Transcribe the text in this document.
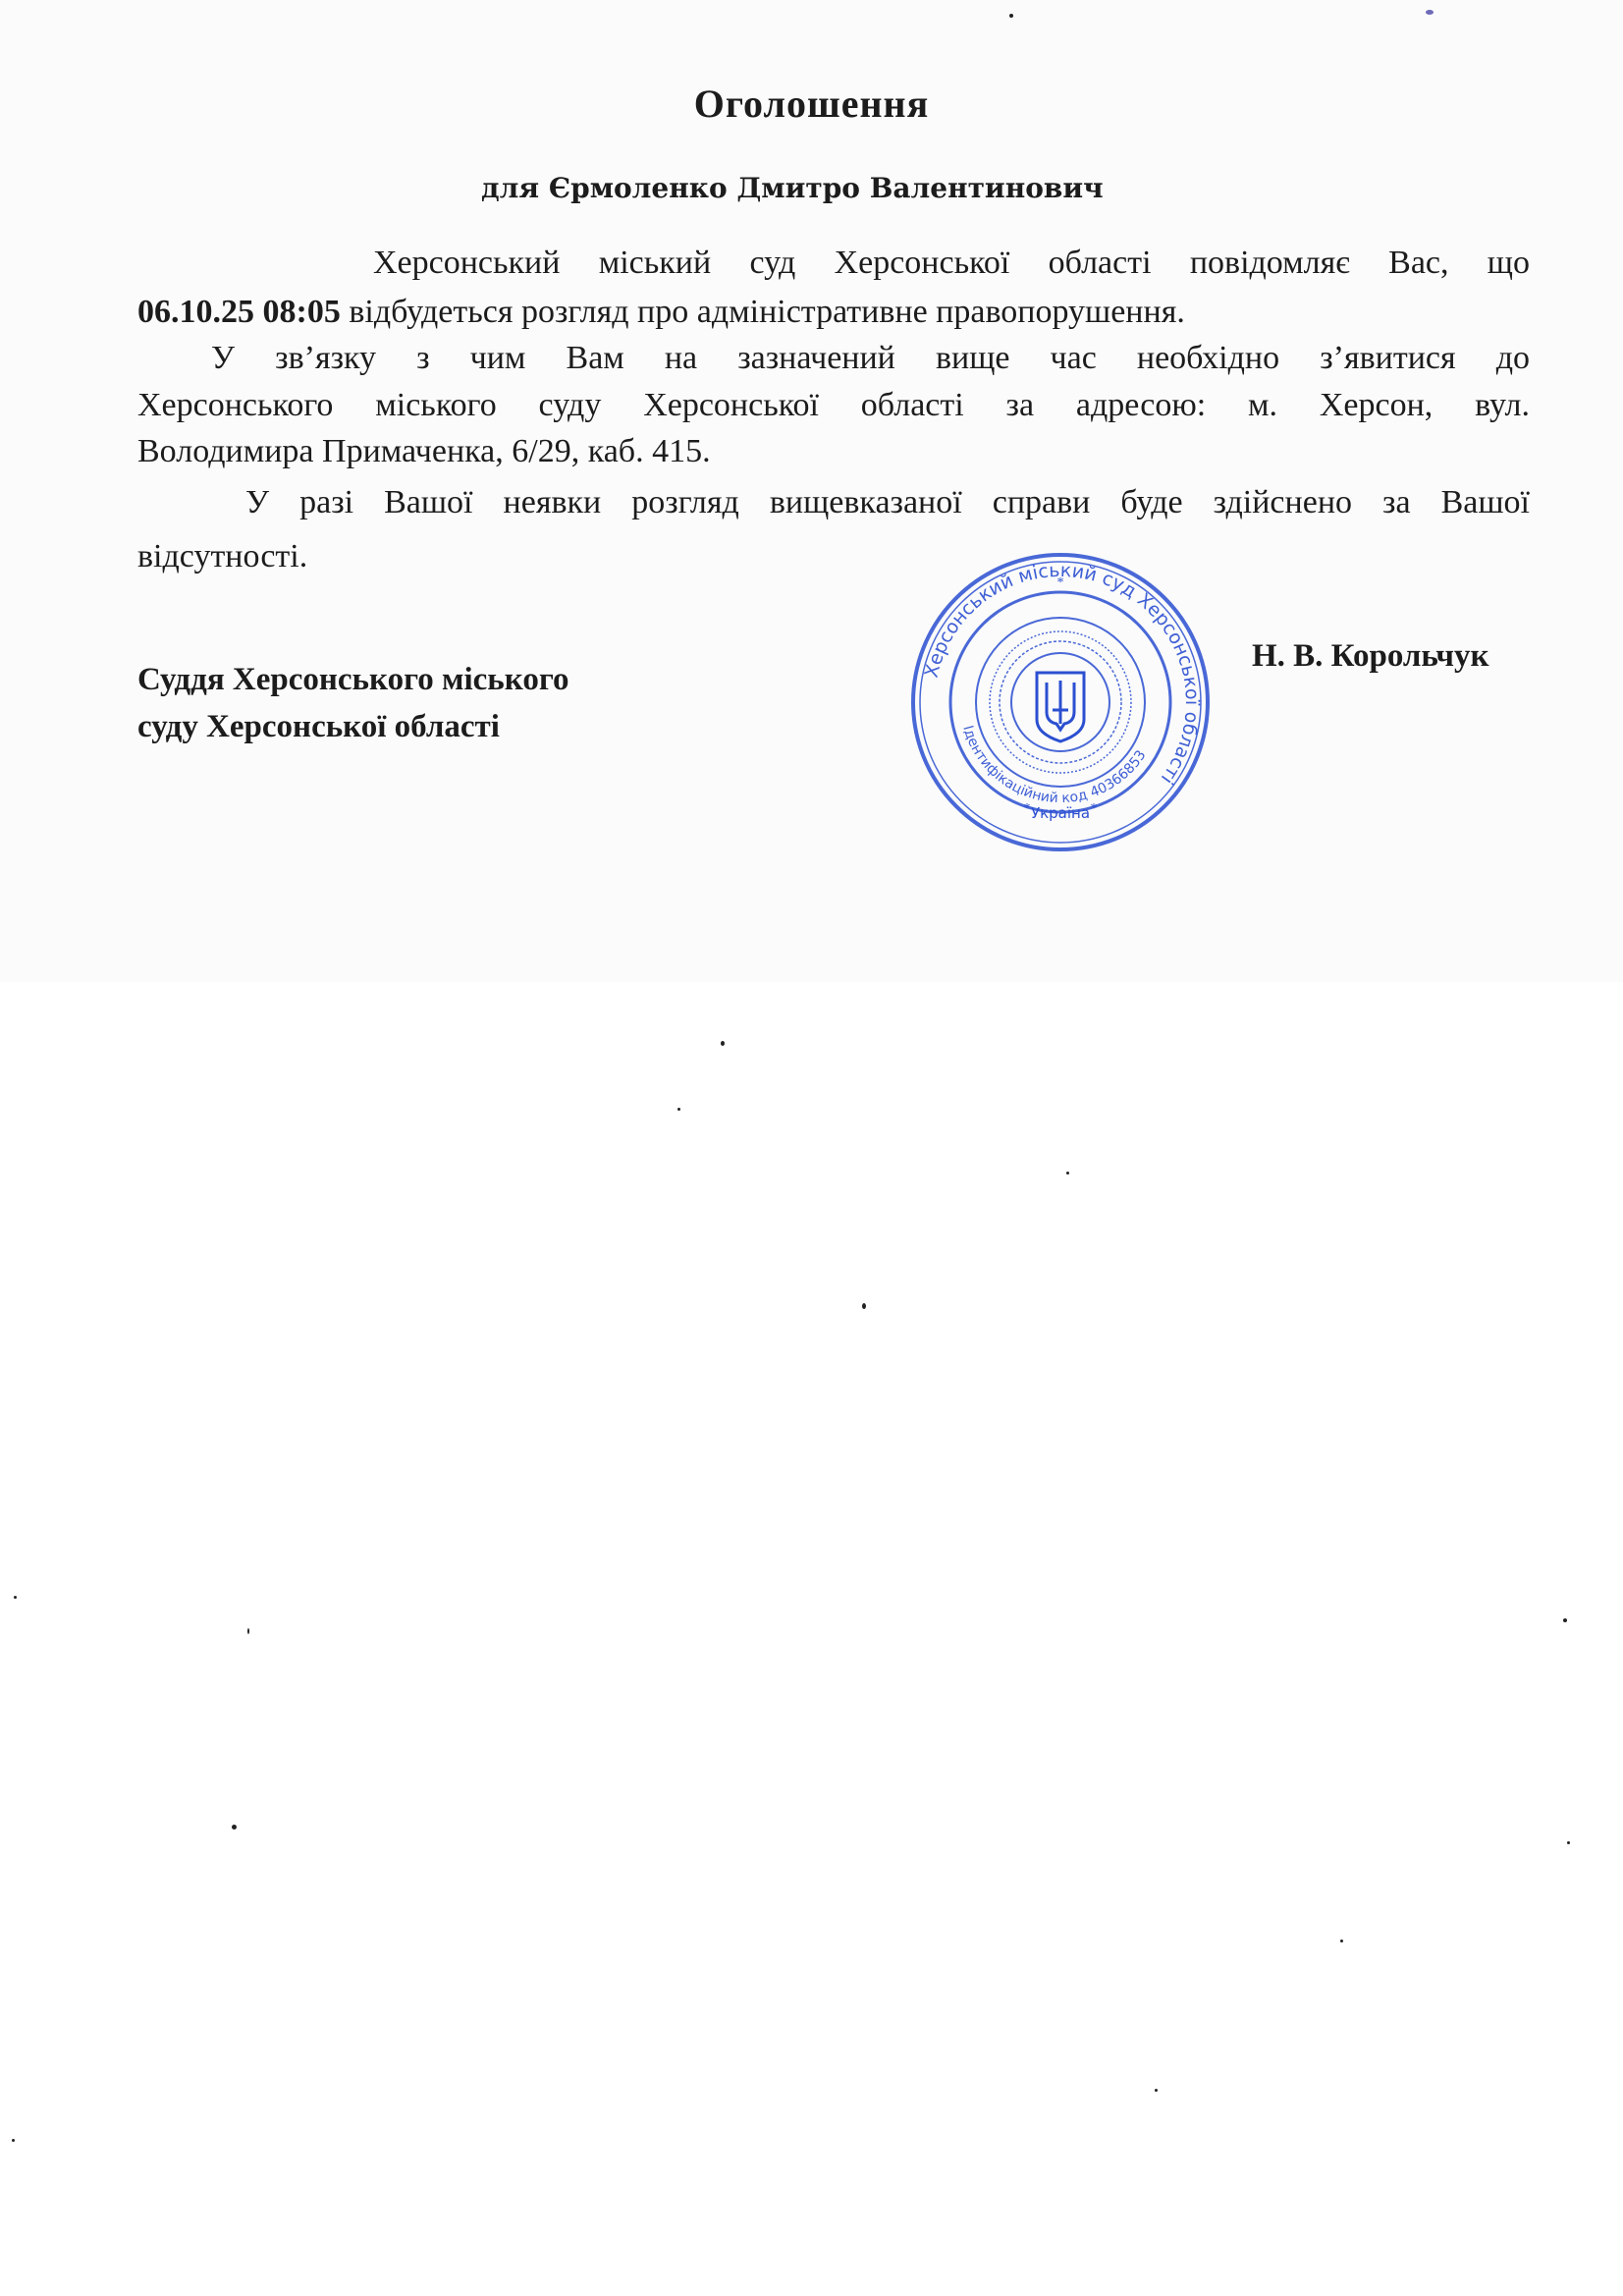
Оголошення
для Єрмоленко Дмитро Валентинович
Херсонський міський суд Херсонської області повідомляє Вас, що
06.10.25 08:05 відбудеться розгляд про адміністративне правопорушення.
У зв’язку з чим Вам на зазначений вище час необхідно з’явитися до
Херсонського міського суду Херсонської області за адресою: м. Херсон, вул.
Володимира Примаченка, 6/29, каб. 415.
У разі Вашої неявки розгляд вищевказаної справи буде здійснено за Вашої
відсутності.
Суддя Херсонського міського
суду Херсонської області
Н. В. Корольчук
Херсонський міський суд Херсонської області
Ідентифікаційний код 40366853
Україна
*	*
*
